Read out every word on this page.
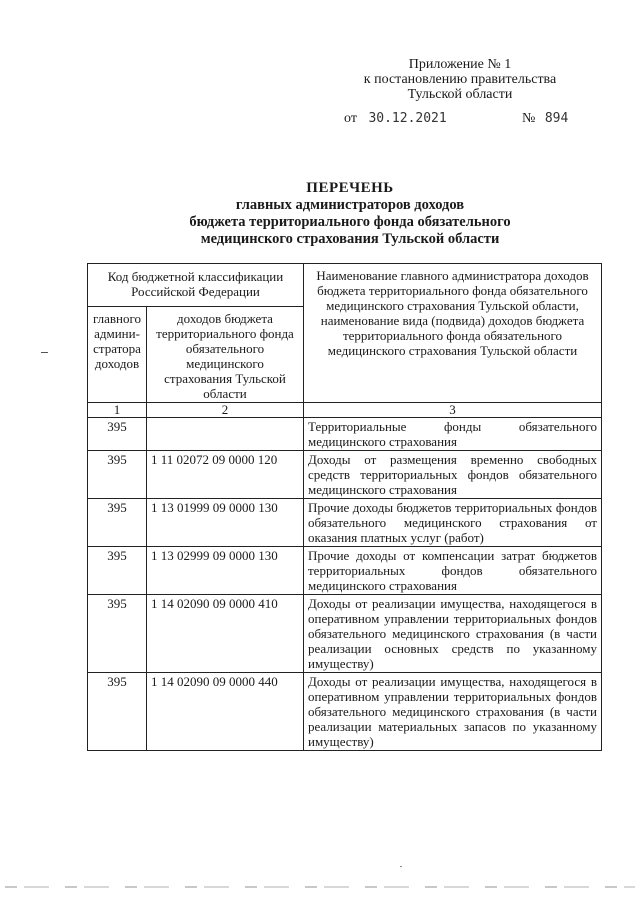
Приложение № 1
к постановлению правительства
Тульской области
от 30.12.2021	№ 894
ПЕРЕЧЕНЬ
главных администраторов доходов
бюджета территориального фонда обязательного
медицинского страхования Тульской области
Код бюджетной классификации Российской Федерации		Наименование главного администратора доходов бюджета территориального фонда обязательного медицинского страхования Тульской области, наименование вида (подвида) доходов бюджета территориального фонда обязательного медицинского страхования Тульской области
главного админи-стратора доходов	доходов бюджета территориального фонда обязательного медицинского страхования Тульской области	
1	2	3
395		Территориальные фонды обязательного медицинского страхования
395	1 11 02072 09 0000 120	Доходы от размещения временно свободных средств территориальных фондов обязательного медицинского страхования
395	1 13 01999 09 0000 130	Прочие доходы бюджетов территориальных фондов обязательного медицинского страхования от оказания платных услуг (работ)
395	1 13 02999 09 0000 130	Прочие доходы от компенсации затрат бюджетов территориальных фондов обязательного медицинского страхования
395	1 14 02090 09 0000 410	Доходы от реализации имущества, находящегося в оперативном управлении территориальных фондов обязательного медицинского страхования (в части реализации основных средств по указанному имуществу)
395	1 14 02090 09 0000 440	Доходы от реализации имущества, находящегося в оперативном управлении территориальных фондов обязательного медицинского страхования (в части реализации материальных запасов по указанному имуществу)
